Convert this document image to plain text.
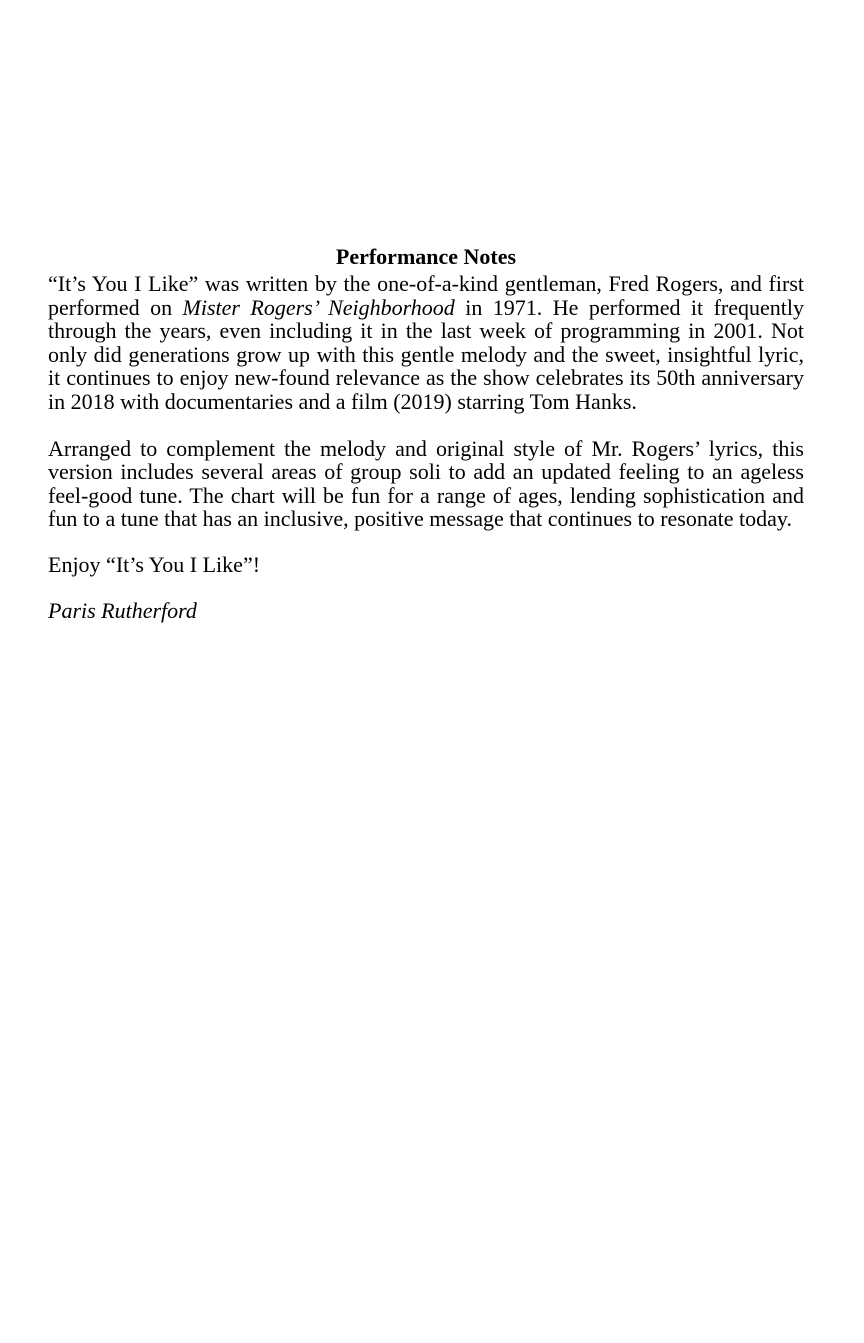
Performance Notes

“It’s You I Like” was written by the one-of-a-kind gentleman, Fred Rogers, and first performed on Mister Rogers’ Neighborhood in 1971. He performed it frequently through the years, even including it in the last week of programming in 2001. Not only did generations grow up with this gentle melody and the sweet, insightful lyric, it continues to enjoy new-found relevance as the show celebrates its 50th anniversary in 2018 with documentaries and a film (2019) starring Tom Hanks.

Arranged to complement the melody and original style of Mr. Rogers’ lyrics, this version includes several areas of group soli to add an updated feeling to an ageless feel-good tune. The chart will be fun for a range of ages, lending sophistication and fun to a tune that has an inclusive, positive message that continues to resonate today.

Enjoy “It’s You I Like”!

Paris Rutherford
